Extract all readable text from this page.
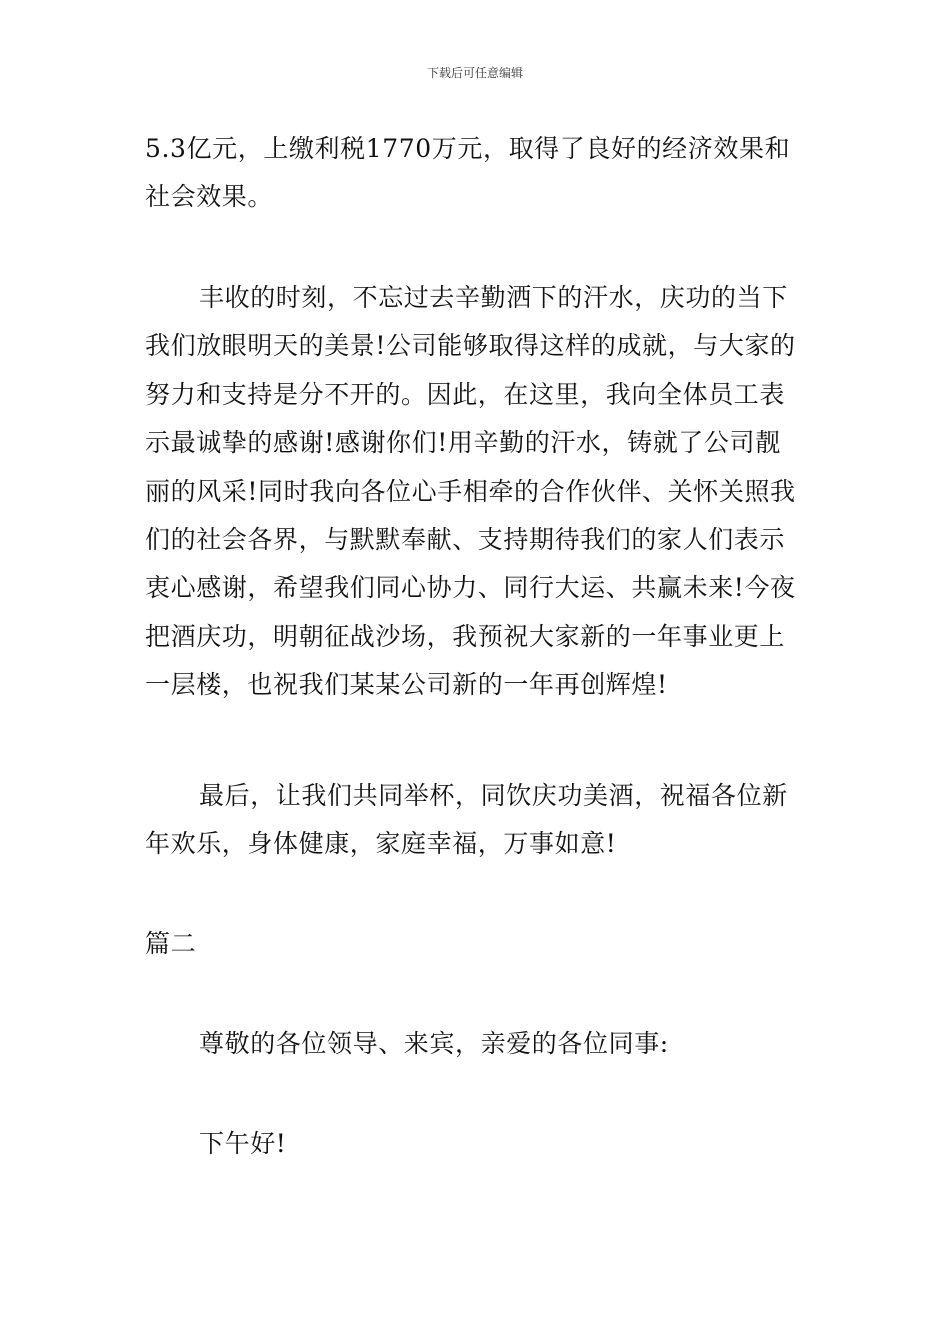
下载后可任意编辑
5.3亿元，上缴利税1770万元，取得了良好的经济效果和
社会效果。
丰收的时刻，不忘过去辛勤洒下的汗水，庆功的当下
我们放眼明天的美景!公司能够取得这样的成就，与大家的
努力和支持是分不开的。因此，在这里，我向全体员工表
示最诚挚的感谢!感谢你们!用辛勤的汗水，铸就了公司靓
丽的风采!同时我向各位心手相牵的合作伙伴、关怀关照我
们的社会各界，与默默奉献、支持期待我们的家人们表示
衷心感谢，希望我们同心协力、同行大运、共赢未来!今夜
把酒庆功，明朝征战沙场，我预祝大家新的一年事业更上
一层楼，也祝我们某某公司新的一年再创辉煌!
最后，让我们共同举杯，同饮庆功美酒，祝福各位新
年欢乐，身体健康，家庭幸福，万事如意!
篇二
尊敬的各位领导、来宾，亲爱的各位同事:
下午好!
